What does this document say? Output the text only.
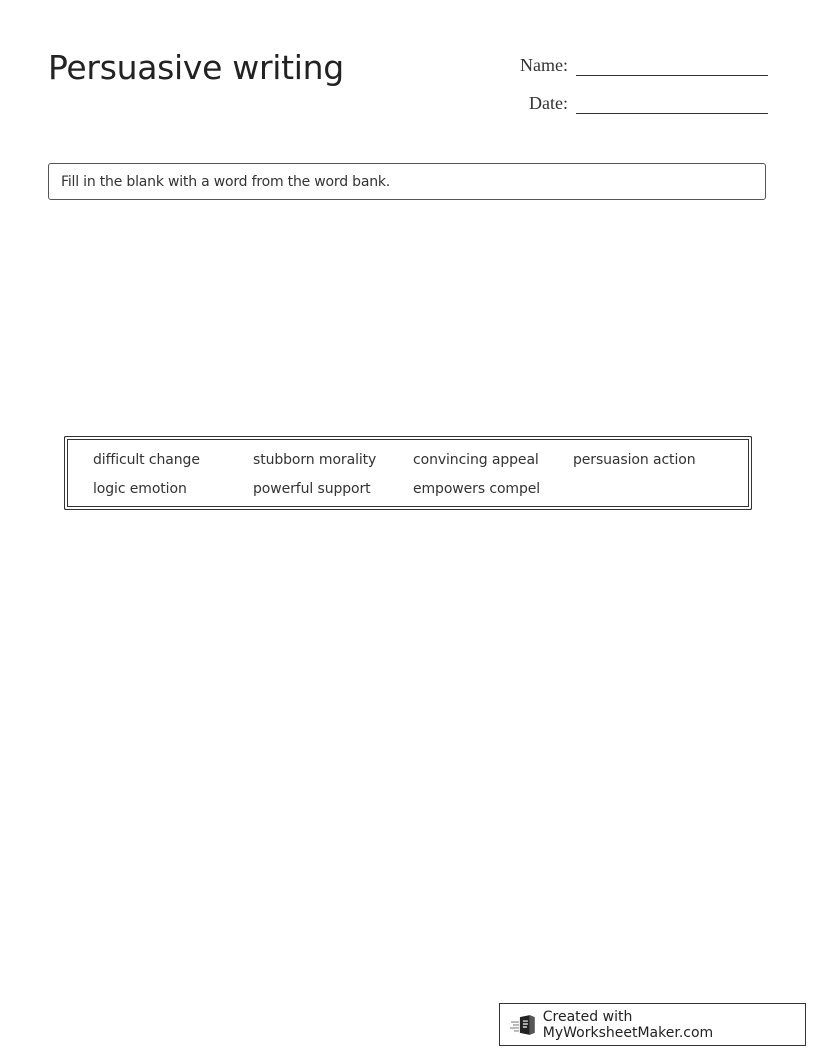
Persuasive writing	Name:
Date:
Fill in the blank with a word from the word bank.
difficult change	stubborn morality	convincing appeal	persuasion action
logic emotion	powerful support	empowers compel
Created with MyWorksheetMaker.com
